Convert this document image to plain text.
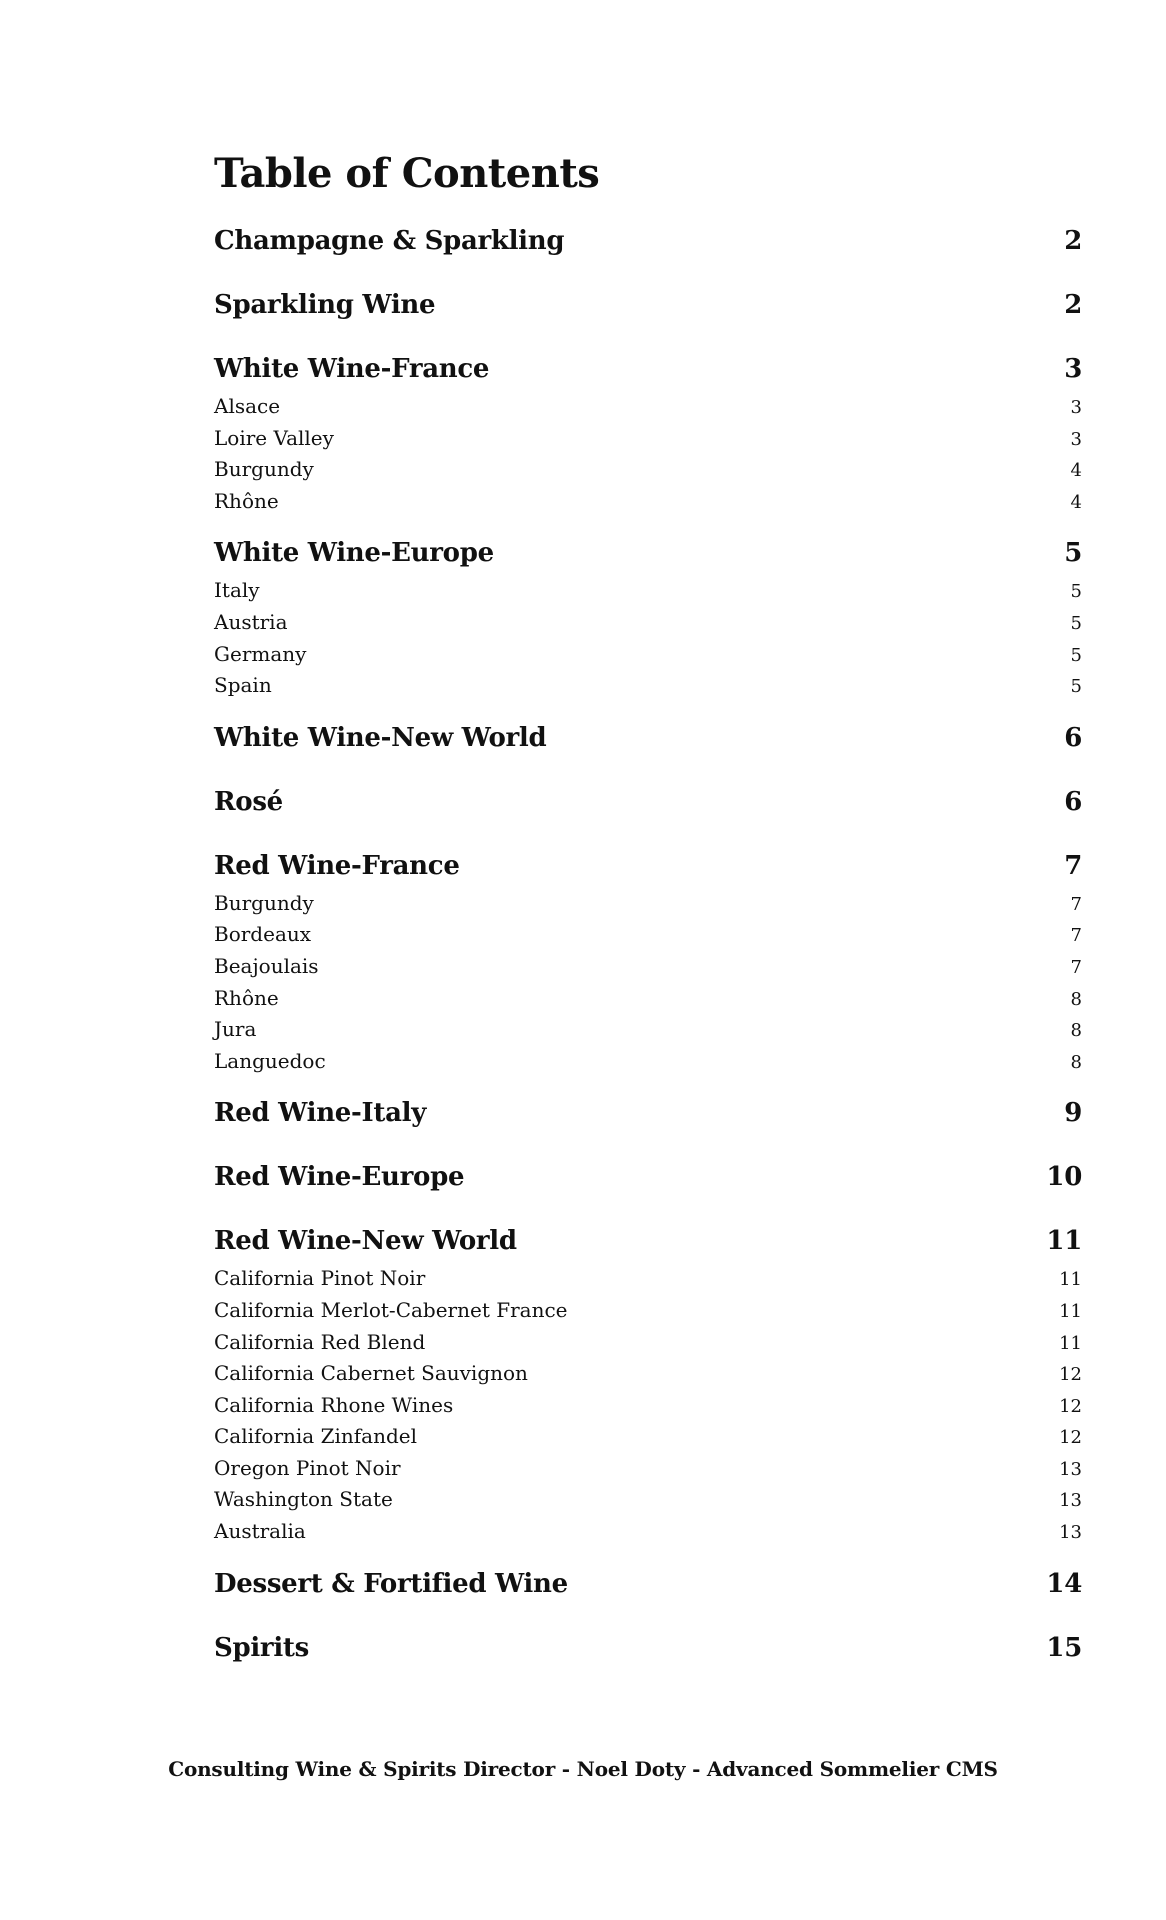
Table of Contents
Champagne & Sparkling	2
Sparkling Wine	2
White Wine-France	3
Alsace	3
Loire Valley	3
Burgundy	4
Rhône	4
White Wine-Europe	5
Italy	5
Austria	5
Germany	5
Spain	5
White Wine-New World	6
Rosé	6
Red Wine-France	7
Burgundy	7
Bordeaux	7
Beajoulais	7
Rhône	8
Jura	8
Languedoc	8
Red Wine-Italy	9
Red Wine-Europe	10
Red Wine-New World	11
California Pinot Noir	11
California Merlot-Cabernet France	11
California Red Blend	11
California Cabernet Sauvignon	12
California Rhone Wines	12
California Zinfandel	12
Oregon Pinot Noir	13
Washington State	13
Australia	13
Dessert & Fortified Wine	14
Spirits	15
Consulting Wine & Spirits Director - Noel Doty - Advanced Sommelier CMS
